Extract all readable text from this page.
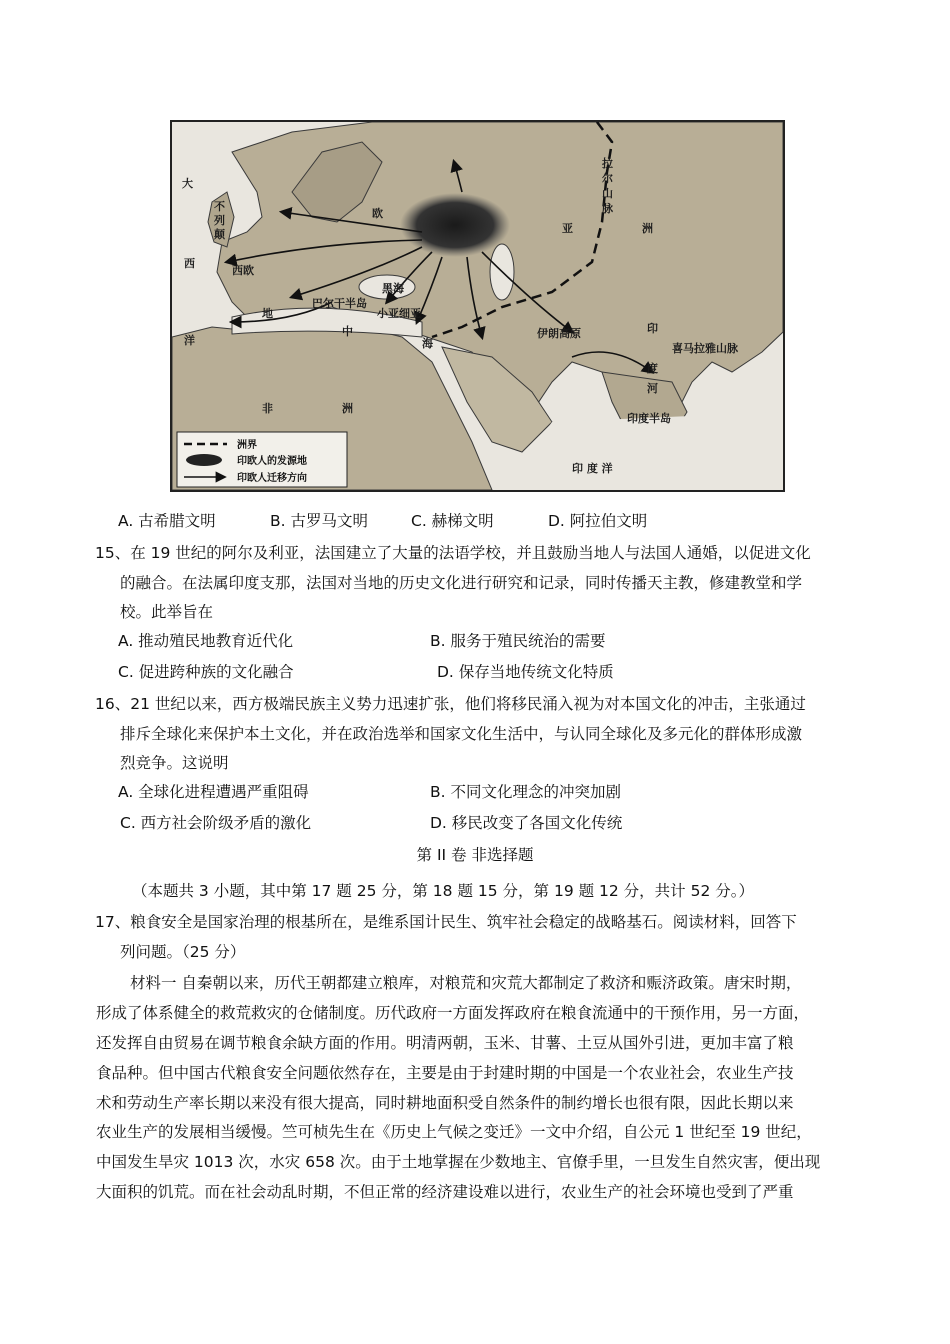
大
不
列
颠
西
洋
西欧
欧
巴尔干半岛
黑海
小亚细亚
地
中
海
伊朗高原
非	洲
亚
拉
尔
山
脉
洲
喜马拉雅山脉
印
度
河
印度半岛
印 度 洋
洲界
印欧人的发源地
印欧人迁移方向
A. 古希腊文明	B. 古罗马文明	C. 赫梯文明	D. 阿拉伯文明
15、在 19 世纪的阿尔及利亚，法国建立了大量的法语学校，并且鼓励当地人与法国人通婚，以促进文化
的融合。在法属印度支那，法国对当地的历史文化进行研究和记录，同时传播天主教，修建教堂和学
校。此举旨在
A. 推动殖民地教育近代化	B. 服务于殖民统治的需要
C. 促进跨种族的文化融合	D. 保存当地传统文化特质
16、21 世纪以来，西方极端民族主义势力迅速扩张，他们将移民涌入视为对本国文化的冲击，主张通过
排斥全球化来保护本土文化，并在政治选举和国家文化生活中，与认同全球化及多元化的群体形成激
烈竞争。这说明
A. 全球化进程遭遇严重阻碍	B. 不同文化理念的冲突加剧
C. 西方社会阶级矛盾的激化	D. 移民改变了各国文化传统
第 II 卷 非选择题
（本题共 3 小题，其中第 17 题 25 分，第 18 题 15 分，第 19 题 12 分，共计 52 分。）
17、粮食安全是国家治理的根基所在，是维系国计民生、筑牢社会稳定的战略基石。阅读材料，回答下
列问题。（25 分）
材料一 自秦朝以来，历代王朝都建立粮库，对粮荒和灾荒大都制定了救济和赈济政策。唐宋时期，
形成了体系健全的救荒救灾的仓储制度。历代政府一方面发挥政府在粮食流通中的干预作用，另一方面，
还发挥自由贸易在调节粮食余缺方面的作用。明清两朝，玉米、甘薯、土豆从国外引进，更加丰富了粮
食品种。但中国古代粮食安全问题依然存在，主要是由于封建时期的中国是一个农业社会，农业生产技
术和劳动生产率长期以来没有很大提高，同时耕地面积受自然条件的制约增长也很有限，因此长期以来
农业生产的发展相当缓慢。竺可桢先生在《历史上气候之变迁》一文中介绍，自公元 1 世纪至 19 世纪，
中国发生旱灾 1013 次，水灾 658 次。由于土地掌握在少数地主、官僚手里，一旦发生自然灾害，便出现
大面积的饥荒。而在社会动乱时期，不但正常的经济建设难以进行，农业生产的社会环境也受到了严重
